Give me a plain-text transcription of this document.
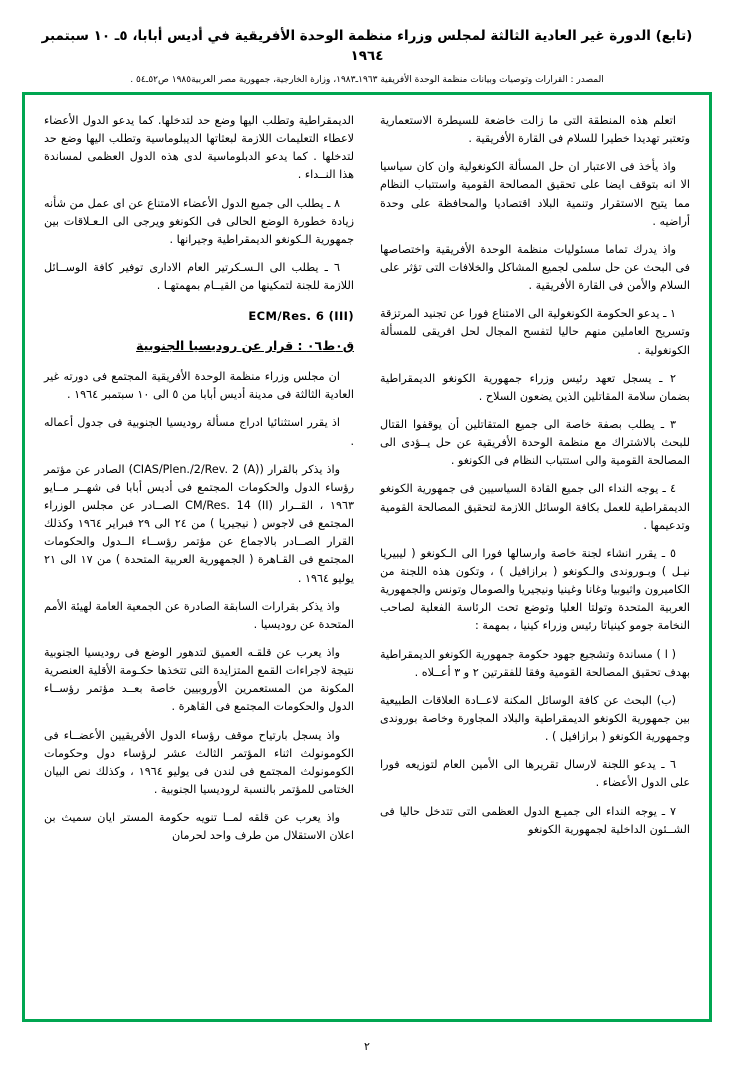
(تابع) الدورة غير العادية الثالثة لمجلس وزراء منظمة الوحدة الأفريقية في أديس أبابا، ٥ـ ١٠ سبتمبر ١٩٦٤
المصدر : القرارات وتوصيات وبيانات منظمة الوحدة الأفريقية ١٩٦٣ـ١٩٨٣، وزارة الخارجية، جمهورية مصر العربية١٩٨٥ ص٥٢ـ٥٤ .

اتعلم هذه المنطقة التى ما زالت خاضعة للسيطرة الاستعمارية وتعتبر تهديدا خطيرا للسلام فى القارة الأفريقية .

واذ يأخذ فى الاعتبار ان حل المسألة الكونغولية وان كان سياسيا الا انه بتوقف ايضا على تحقيق المصالحة القومية واستتباب النظام مما يتيح الاستقرار وتنمية البلاد اقتصاديا والمحافظة على وحدة أراضيه .

واذ يدرك تماما مسئوليات منظمة الوحدة الأفريقية واختصاصها فى البحث عن حل سلمى لجميع المشاكل والخلافات التى تؤثر على السلام والأمن فى القارة الأفريقية .

١ ـ يدعو الحكومة الكونغولية الى الامتناع فورا عن تجنيد المرتزقة وتسريح العاملين منهم حاليا لتفسح المجال لحل افريقى للمسألة الكونغولية .

٢ ـ يسجل تعهد رئيس وزراء جمهورية الكونغو الديمقراطية بضمان سلامة المقاتلين الذين يضعون السلاح .

٣ ـ يطلب بصفة خاصة الى جميع المتقاتلين أن يوقفوا القتال للبحث بالاشتراك مع منظمة الوحدة الأفريقية عن حل يــؤدى الى المصالحة القومية والى استتباب النظام فى الكونغو .

٤ ـ يوجه النداء الى جميع القادة السياسيين فى جمهورية الكونغو الديمقراطية للعمل بكافة الوسائل اللازمة لتحقيق المصالحة القومية وتدعيمها .

٥ ـ يقرر انشاء لجنة خاصة وارسالها فورا الى الـكونغو ( ليبيريا نيـل ) وبـوروندى والـكونغو ( برازافيل ) ، وتكون هذه اللجنة من الكاميرون واثيوبيا وغانا وغينيا ونيجيريا والصومال وتونس والجمهورية العربية المتحدة وتولتا العليا وتوضع تحت الرئاسة الفعلية لصاحب النخامة جومو كينياتا رئيس وزراء كينيا ، بمهمة :

( ا ) مساندة وتشجيع جهود حكومة جمهورية الكونغو الديمقراطية بهدف تحقيق المصالحة القومية وفقا للفقرتين ٢ و ٣ أعــلاه .

(ب) البحث عن كافة الوسائل المكنة لاعــادة العلاقات الطبيعية بين جمهورية الكونغو الديمقراطية والبلاد المجاورة وخاصة بوروندى وجمهورية الكونغو ( برازافيل ) .

٦ ـ يدعو اللجنة لارسال تقريرها الى الأمين العام لتوزيعه فورا على الدول الأعضاء .

٧ ـ يوجه النداء الى جميـع الدول العظمى التى تتدخل حاليا فى الشــئون الداخلية لجمهورية الكونغو

الديمقراطية وتطلب اليها وضع حد لتدخلها. كما يدعو الدول الأعضاء لاعطاء التعليمات اللازمة لبعثاتها الديبلوماسية وتطلب اليها وضع حد لتدخلها . كما يدعو الدبلوماسية لدى هذه الدول العظمى لمساندة هذا النــداء .

٨ ـ يطلب الى جميع الدول الأعضاء الامتناع عن اى عمل من شأنه زيادة خطورة الوضع الحالى فى الكونغو ويرجى الى الـعـلاقات بين جمهورية الـكونغو الديمقراطية وجيرانها .

٦ ـ يطلب الى الـسـكرتير العام الادارى توفير كافة الوســائل اللازمة للجنة لتمكينها من القيــام بمهمتهـا .

ECM/Res. 6 (III)
ق٠ط٠٦ : قرار عن روديسيا الجنوبية

ان مجلس وزراء منظمة الوحدة الأفريقية المجتمع فى دورته غير العادية الثالثة فى مدينة أديس أبابا من ٥ الى ١٠ سبتمبر ١٩٦٤ .

اذ يقرر استثنائيا ادراج مسألة روديسيا الجنوبية فى جدول أعماله .

واذ يذكر بالقرار (CIAS/Plen./2/Rev. 2 (A)) الصادر عن مؤتمر رؤساء الدول والحكومات المجتمع فى أديس أبابا فى شهــر مــايو ١٩٦٣ ، القــرار CM/Res. 14 (II) الصــادر عن مجلس الوزراء المجتمع فى لاجوس ( نيجيريا ) من ٢٤ الى ٢٩ فبراير ١٩٦٤ وكذلك القرار الصــادر بالاجماع عن مؤتمر رؤســاء الــدول والحكومات المجتمع فى القـاهرة ( الجمهورية العربية المتحدة ) من ١٧ الى ٢١ يوليو ١٩٦٤ .

واذ يذكر بقرارات السابقة الصادرة عن الجمعية العامة لهيئة الأمم المتحدة عن روديسيا .

واذ يعرب عن قلقـه العميق لتدهور الوضع فى روديسيا الجنوبية نتيجة لاجراءات القمع المتزايدة التى تتخذها حكـومة الأقلية العنصرية المكونة من المستعمرين الأوروبيين خاصة بعــد مؤتمر رؤســاء الدول والحكومات المجتمع فى القاهرة .

واذ يسجل بارتياح موقف رؤساء الدول الأفريقيين الأعضــاء فى الكومونولث اثناء المؤتمر الثالث عشر لرؤساء دول وحكومات الكومونولث المجتمع فى لندن فى يوليو ١٩٦٤ ، وكذلك نص البيان الختامى للمؤتمر بالنسبة لروديسيا الجنوبية .

واذ يعرب عن قلقه لمــا تنويه حكومة المستر ايان سميث بن اعلان الاستقلال من طرف واحد لحرمان

٢
